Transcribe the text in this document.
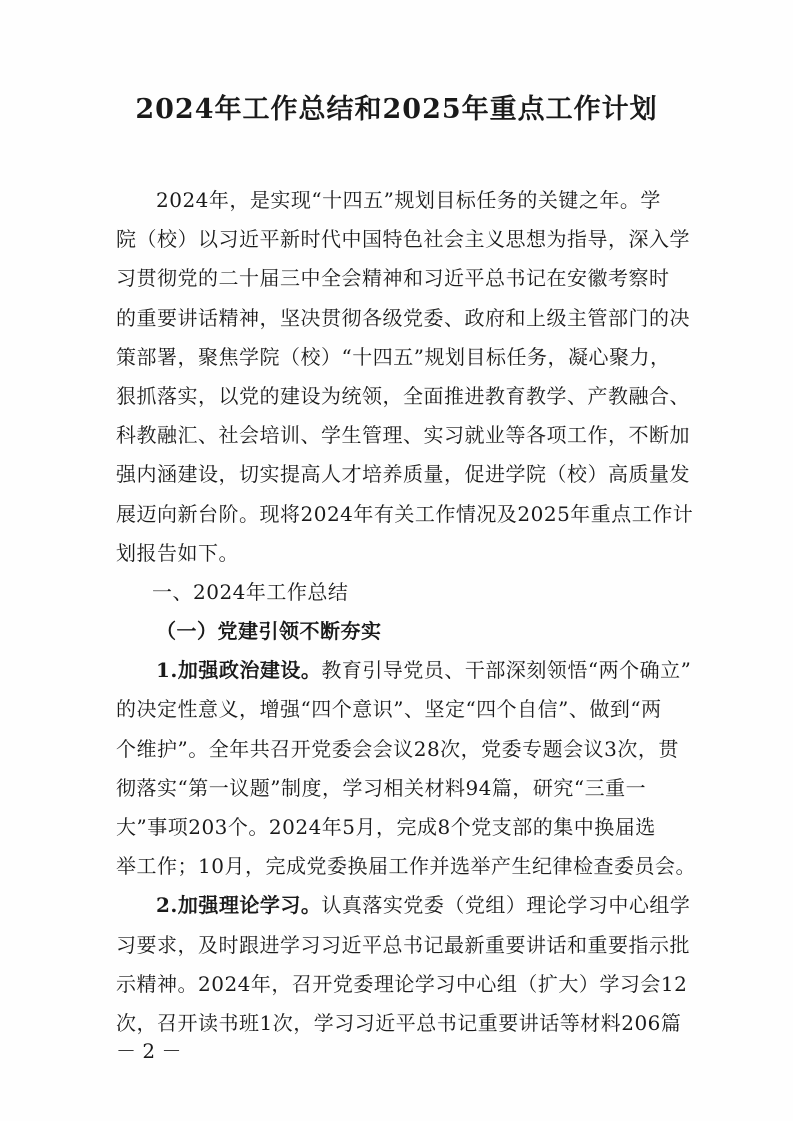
2024年工作总结和2025年重点工作计划
2024年，是实现“十四五”规划目标任务的关键之年。学
院（校）以习近平新时代中国特色社会主义思想为指导，深入学
习贯彻党的二十届三中全会精神和习近平总书记在安徽考察时
的重要讲话精神，坚决贯彻各级党委、政府和上级主管部门的决
策部署，聚焦学院（校）“十四五”规划目标任务，凝心聚力，
狠抓落实，以党的建设为统领，全面推进教育教学、产教融合、
科教融汇、社会培训、学生管理、实习就业等各项工作，不断加
强内涵建设，切实提高人才培养质量，促进学院（校）高质量发
展迈向新台阶。现将2024年有关工作情况及2025年重点工作计
划报告如下。
一、2024年工作总结
（一）党建引领不断夯实
1.加强政治建设。教育引导党员、干部深刻领悟“两个确立”
的决定性意义，增强“四个意识”、坚定“四个自信”、做到“两
个维护”。全年共召开党委会会议28次，党委专题会议3次，贯
彻落实“第一议题”制度，学习相关材料94篇，研究“三重一
大”事项203个。2024年5月，完成8个党支部的集中换届选
举工作；10月，完成党委换届工作并选举产生纪律检查委员会。
2.加强理论学习。认真落实党委（党组）理论学习中心组学
习要求，及时跟进学习习近平总书记最新重要讲话和重要指示批
示精神。2024年，召开党委理论学习中心组（扩大）学习会12
次，召开读书班1次，学习习近平总书记重要讲话等材料206篇
－ 2 －
